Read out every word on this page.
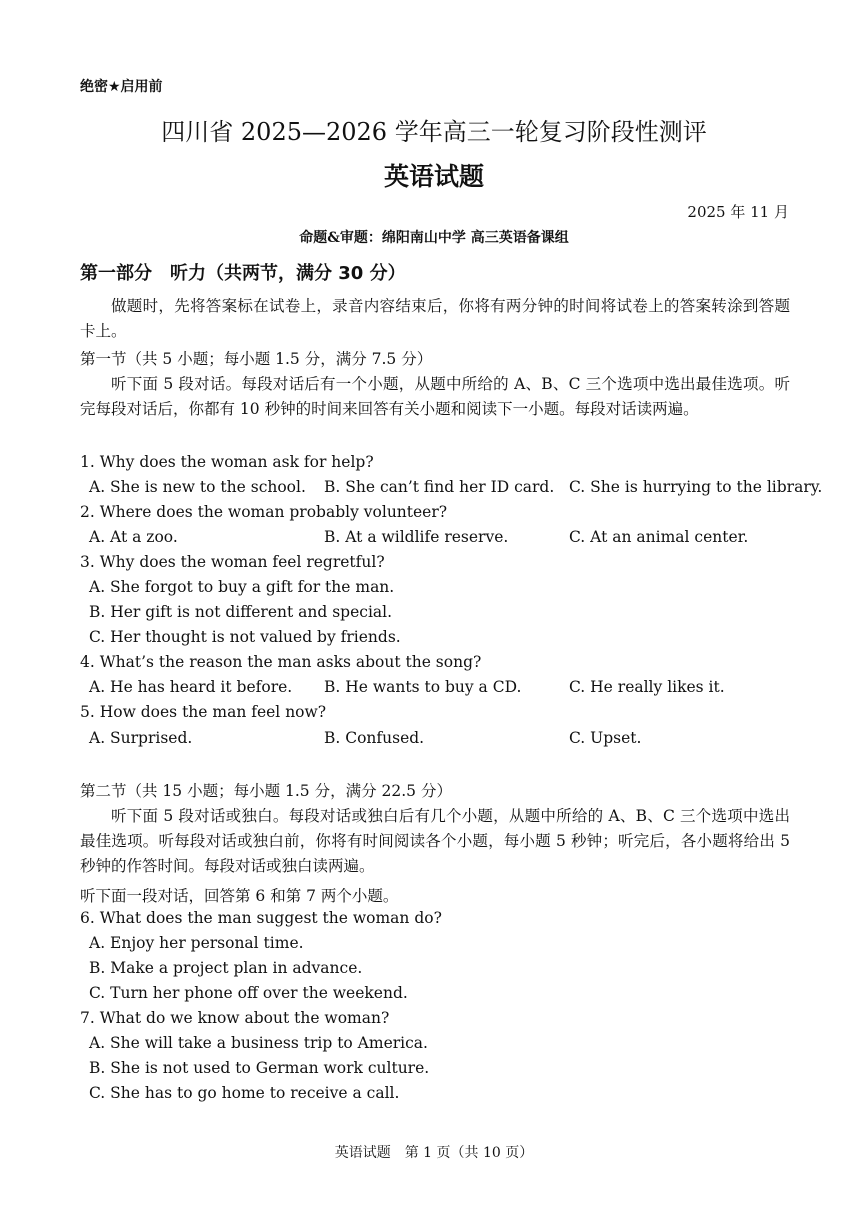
绝密★启用前
四川省 2025—2026 学年高三一轮复习阶段性测评
英语试题
2025 年 11 月
命题&审题：绵阳南山中学 高三英语备课组
第一部分　听力（共两节，满分 30 分）
做题时，先将答案标在试卷上，录音内容结束后，你将有两分钟的时间将试卷上的答案转涂到答题卡上。
第一节（共 5 小题；每小题 1.5 分，满分 7.5 分）
听下面 5 段对话。每段对话后有一个小题，从题中所给的 A、B、C 三个选项中选出最佳选项。听完每段对话后，你都有 10 秒钟的时间来回答有关小题和阅读下一小题。每段对话读两遍。
1. Why does the woman ask for help?
A. She is new to the school. B. She can’t find her ID card. C. She is hurrying to the library.
2. Where does the woman probably volunteer?
A. At a zoo.	B. At a wildlife reserve.	C. At an animal center.
3. Why does the woman feel regretful?
A. She forgot to buy a gift for the man.
B. Her gift is not different and special.
C. Her thought is not valued by friends.
4. What’s the reason the man asks about the song?
A. He has heard it before. B. He wants to buy a CD.	C. He really likes it.
5. How does the man feel now?
A. Surprised.	B. Confused.	C. Upset.
第二节（共 15 小题；每小题 1.5 分，满分 22.5 分）
听下面 5 段对话或独白。每段对话或独白后有几个小题，从题中所给的 A、B、C 三个选项中选出最佳选项。听每段对话或独白前，你将有时间阅读各个小题，每小题 5 秒钟；听完后，各小题将给出 5 秒钟的作答时间。每段对话或独白读两遍。
听下面一段对话，回答第 6 和第 7 两个小题。
6. What does the man suggest the woman do?
A. Enjoy her personal time.
B. Make a project plan in advance.
C. Turn her phone off over the weekend.
7. What do we know about the woman?
A. She will take a business trip to America.
B. She is not used to German work culture.
C. She has to go home to receive a call.
英语试题　第 1 页（共 10 页）
